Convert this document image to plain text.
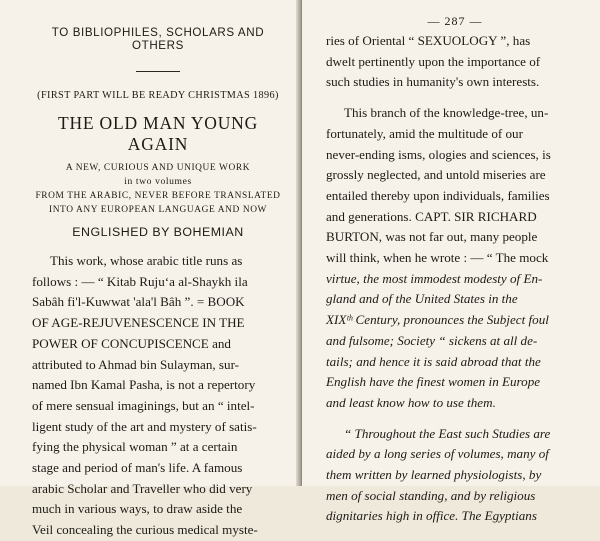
TO BIBLIOPHILES, SCHOLARS AND OTHERS

(FIRST PART WILL BE READY CHRISTMAS 1896)

THE OLD MAN YOUNG AGAIN

A NEW, CURIOUS AND UNIQUE WORK

in two volumes

FROM THE ARABIC, NEVER BEFORE TRANSLATED

INTO ANY EUROPEAN LANGUAGE AND NOW

ENGLISHED BY BOHEMIAN

This work, whose arabic title runs as
follows : — “ Kitab Rujuʻa al-Shaykh ila
Sabâh fi'l-Kuwwat 'ala'l Bâh ”. = BOOK
OF AGE-REJUVENESCENCE IN THE
POWER OF CONCUPISCENCE and
attributed to Ahmad bin Sulayman, sur-
named Ibn Kamal Pasha, is not a repertory
of mere sensual imaginings, but an “ intel-
ligent study of the art and mystery of satis-
fying the physical woman ” at a certain
stage and period of man's life. A famous
arabic Scholar and Traveller who did very
much in various ways, to draw aside the
Veil concealing the curious medical myste-

— 287 —

ries of Oriental “ SEXUOLOGY ”, has
dwelt pertinently upon the importance of
such studies in humanity's own interests.
This branch of the knowledge-tree, un-
fortunately, amid the multitude of our
never-ending isms, ologies and sciences, is
grossly neglected, and untold miseries are
entailed thereby upon individuals, families
and generations. CAPT. SIR RICHARD
BURTON, was not far out, many people
will think, when he wrote : — “ The mock
virtue, the most immodest modesty of En-
gland and of the United States in the
XIXᵗʰ Century, pronounces the Subject foul
and fulsome; Society “ sickens at all de-
tails; and hence it is said abroad that the
English have the finest women in Europe
and least know how to use them.
“ Throughout the East such Studies are
aided by a long series of volumes, many of
them written by learned physiologists, by
men of social standing, and by religious
dignitaries high in office. The Egyptians
